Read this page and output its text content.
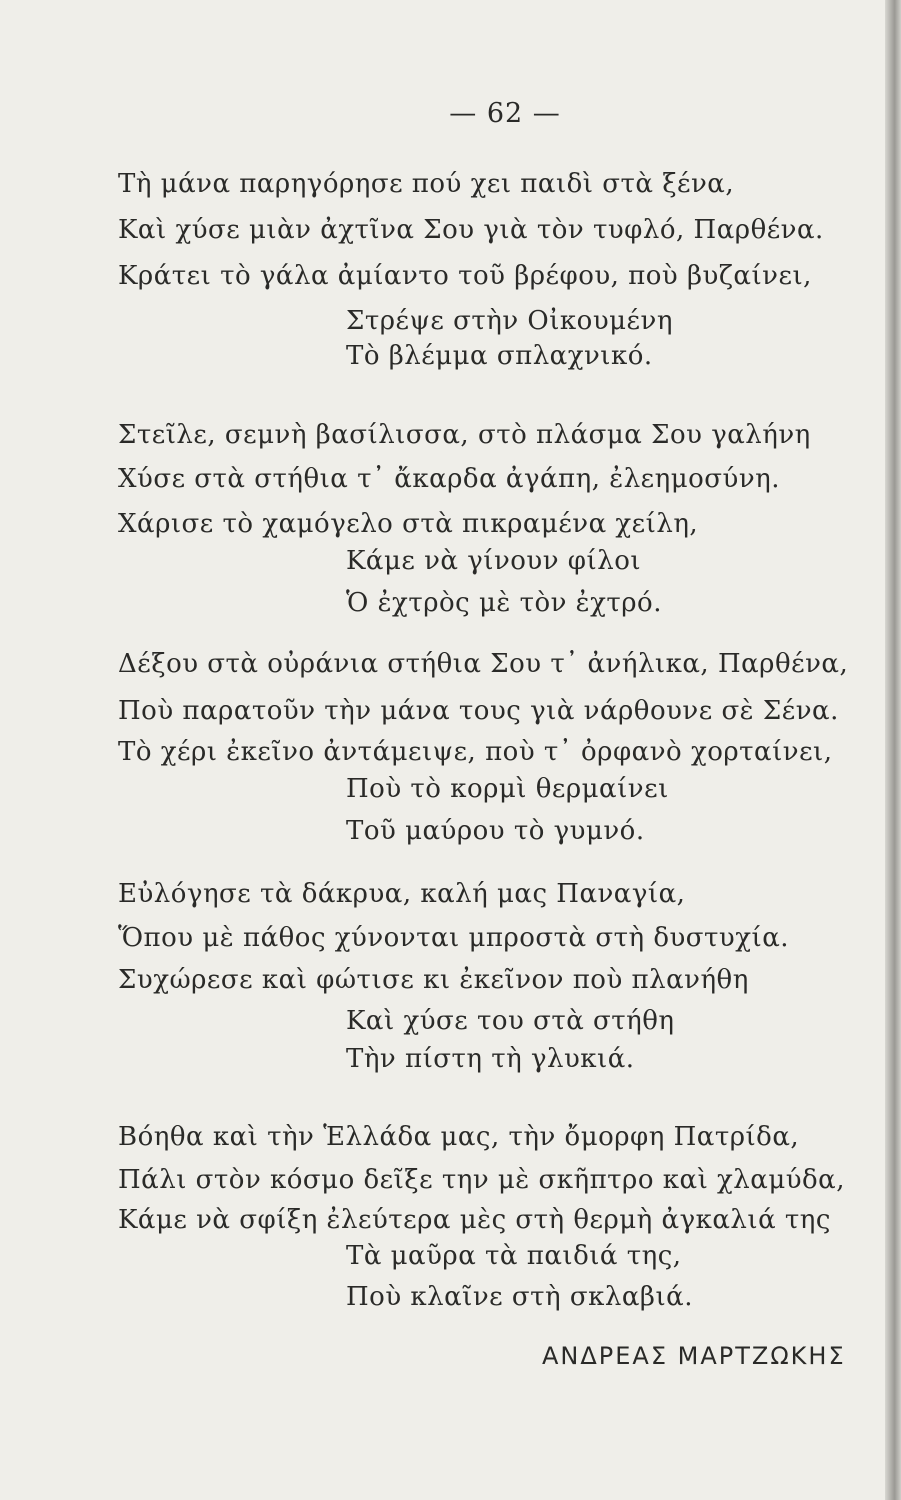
— 62 —
Τὴ μάνα παρηγόρησε πού χει παιδὶ στὰ ξένα,
Καὶ χύσε μιὰν ἀχτῖνα Σου γιὰ τὸν τυφλό, Παρθένα.
Κράτει τὸ γάλα ἀμίαντο τοῦ βρέφου, ποὺ βυζαίνει,
Στρέψε στὴν Οἰκουμένη
Τὸ βλέμμα σπλαχνικό.
Στεῖλε, σεμνὴ βασίλισσα, στὸ πλάσμα Σου γαλήνη
Χύσε στὰ στήθια τ᾿ ἄκαρδα ἀγάπη, ἐλεημοσύνη.
Χάρισε τὸ χαμόγελο στὰ πικραμένα χείλη,
Κάμε νὰ γίνουν φίλοι
Ὁ ἐχτρὸς μὲ τὸν ἐχτρό.
Δέξου στὰ οὐράνια στήθια Σου τ᾿ ἀνήλικα, Παρθένα,
Ποὺ παρατοῦν τὴν μάνα τους γιὰ νάρθουνε σὲ Σένα.
Τὸ χέρι ἐκεῖνο ἀντάμειψε, ποὺ τ᾿ ὀρφανὸ χορταίνει,
Ποὺ τὸ κορμὶ θερμαίνει
Τοῦ μαύρου τὸ γυμνό.
Εὐλόγησε τὰ δάκρυα, καλή μας Παναγία,
Ὅπου μὲ πάθος χύνονται μπροστὰ στὴ δυστυχία.
Συχώρεσε καὶ φώτισε κι ἐκεῖνον ποὺ πλανήθη
Καὶ χύσε του στὰ στήθη
Τὴν πίστη τὴ γλυκιά.
Βόηθα καὶ τὴν Ἑλλάδα μας, τὴν ὄμορφη Πατρίδα,
Πάλι στὸν κόσμο δεῖξε την μὲ σκῆπτρο καὶ χλαμύδα,
Κάμε νὰ σφίξη ἐλεύτερα μὲς στὴ θερμὴ ἀγκαλιά της
Τὰ μαῦρα τὰ παιδιά της,
Ποὺ κλαῖνε στὴ σκλαβιά.
ΑΝΔΡΕΑΣ ΜΑΡΤΖΩΚΗΣ
